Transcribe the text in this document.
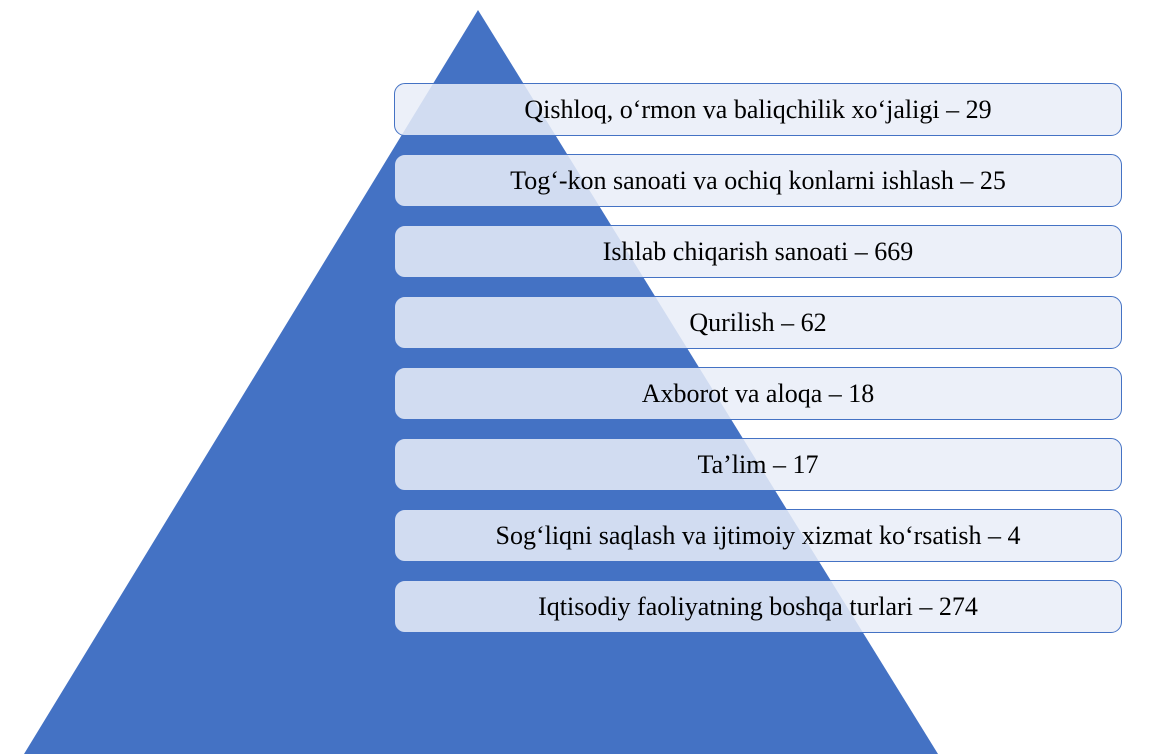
Qishloq, o‘rmon va baliqchilik xo‘jaligi – 29
Tog‘-kon sanoati va ochiq konlarni ishlash – 25
Ishlab chiqarish sanoati – 669
Qurilish – 62
Axborot va aloqa – 18
Ta’lim – 17
Sog‘liqni saqlash va ijtimoiy xizmat ko‘rsatish – 4
Iqtisodiy faoliyatning boshqa turlari – 274
